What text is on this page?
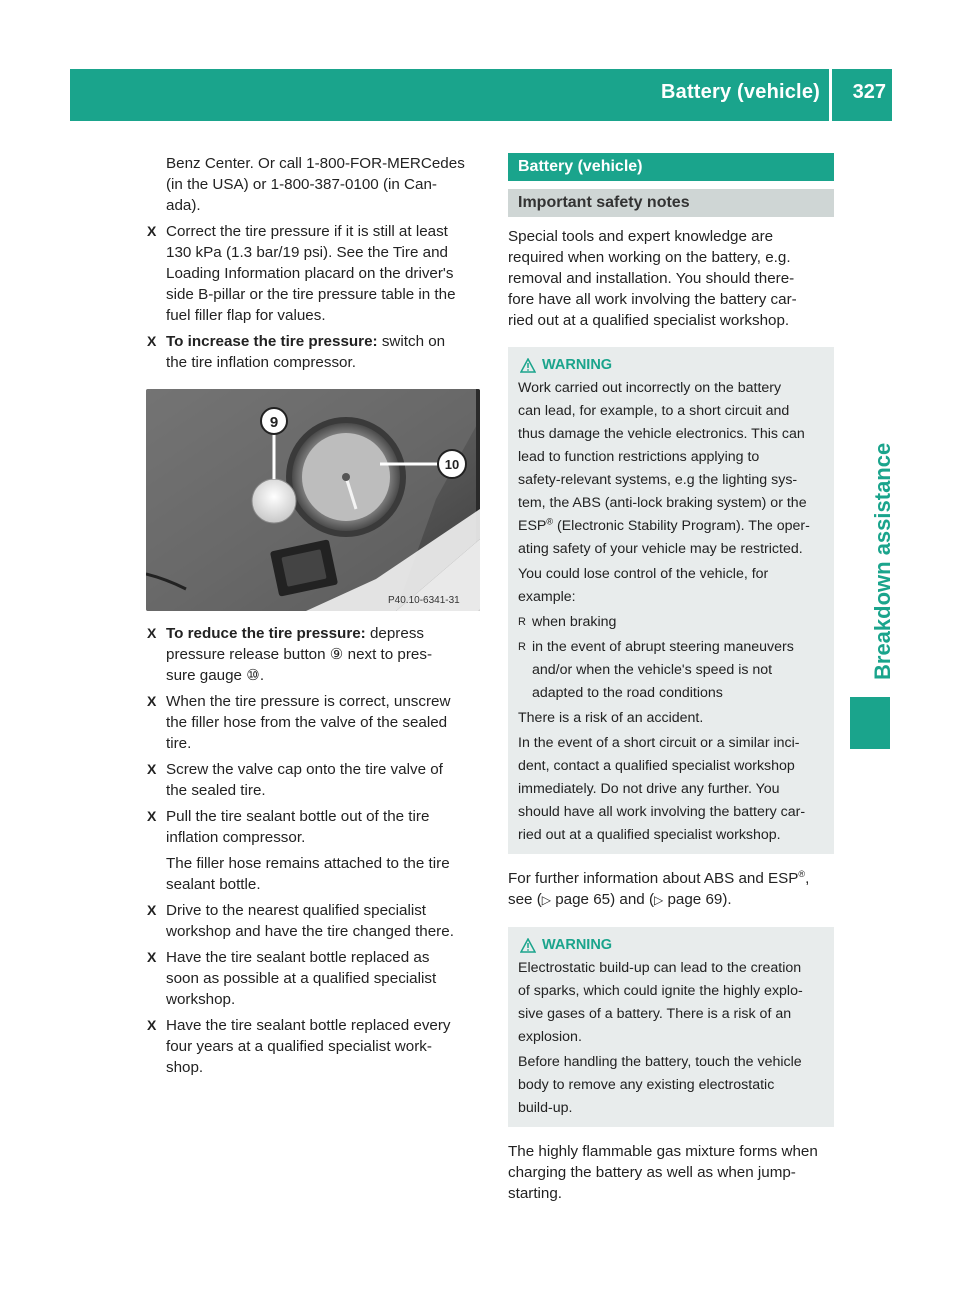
Battery (vehicle) 327
Breakdown assistance

Benz Center. Or call 1-800-FOR-MERCedes

(in the USA) or 1-800-387-0100 (in Can-

ada).

X Correct the tire pressure if it is still at least

130 kPa (1.3 bar/19 psi). See the Tire and

Loading Information placard on the driver's

side B-pillar or the tire pressure table in the

fuel filler flap for values.

X To increase the tire pressure: switch on

the tire inflation compressor.

9
10
P40.10-6341-31
X To reduce the tire pressure: depress

pressure release button ⑨ next to pres-

sure gauge ⑩.

X When the tire pressure is correct, unscrew

the filler hose from the valve of the sealed

tire.

X Screw the valve cap onto the tire valve of

the sealed tire.

X Pull the tire sealant bottle out of the tire

inflation compressor.

The filler hose remains attached to the tire

sealant bottle.

X Drive to the nearest qualified specialist

workshop and have the tire changed there.

X Have the tire sealant bottle replaced as

soon as possible at a qualified specialist

workshop.

X Have the tire sealant bottle replaced every

four years at a qualified specialist work-

shop.

Battery (vehicle)
Important safety notes

Special tools and expert knowledge are

required when working on the battery, e.g.

removal and installation. You should there-

fore have all work involving the battery car-

ried out at a qualified specialist workshop.

WARNING

Work carried out incorrectly on the battery

can lead, for example, to a short circuit and

thus damage the vehicle electronics. This can

lead to function restrictions applying to

safety-relevant systems, e.g the lighting sys-

tem, the ABS (anti-lock braking system) or the

ESP® (Electronic Stability Program). The oper-

ating safety of your vehicle may be restricted.

You could lose control of the vehicle, for

example:

R when braking

R in the event of abrupt steering maneuvers

and/or when the vehicle's speed is not

adapted to the road conditions

There is a risk of an accident.

In the event of a short circuit or a similar inci-

dent, contact a qualified specialist workshop

immediately. Do not drive any further. You

should have all work involving the battery car-

ried out at a qualified specialist workshop.

For further information about ABS and ESP®,

see (▷ page 65) and (▷ page 69).

WARNING

Electrostatic build-up can lead to the creation

of sparks, which could ignite the highly explo-

sive gases of a battery. There is a risk of an

explosion.

Before handling the battery, touch the vehicle

body to remove any existing electrostatic

build-up.

The highly flammable gas mixture forms when

charging the battery as well as when jump-

starting.
